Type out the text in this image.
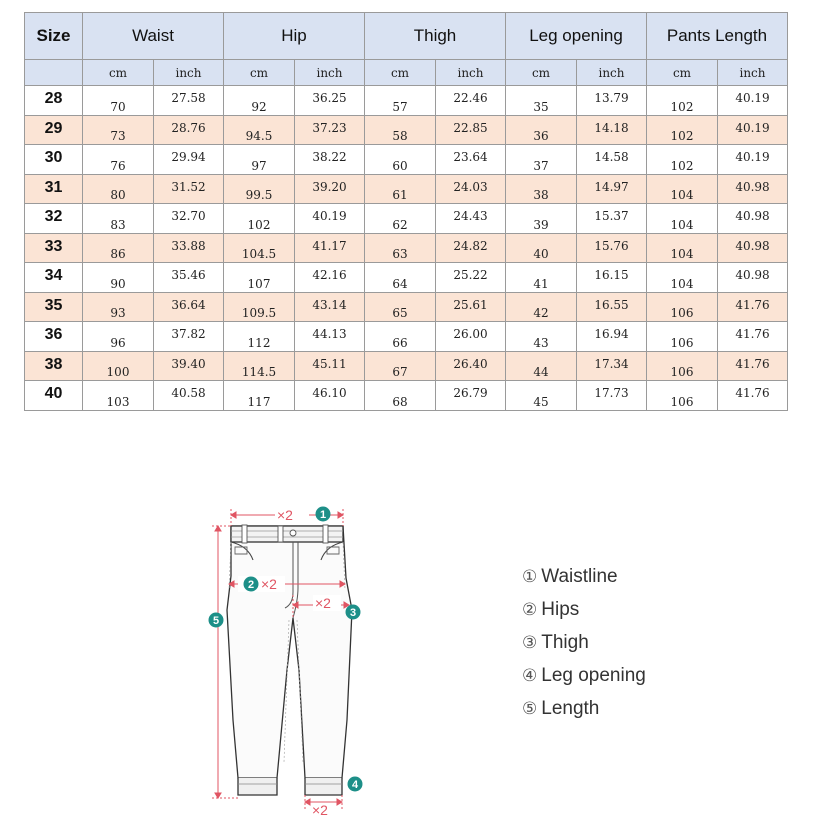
Size	Waist		Hip		Thigh		Leg opening		Pants Length	
	cm	inch	cm	inch	cm	inch	cm	inch	cm	inch
28	70	27.58	92	36.25	57	22.46	35	13.79	102	40.19
29	73	28.76	94.5	37.23	58	22.85	36	14.18	102	40.19
30	76	29.94	97	38.22	60	23.64	37	14.58	102	40.19
31	80	31.52	99.5	39.20	61	24.03	38	14.97	104	40.98
32	83	32.70	102	40.19	62	24.43	39	15.37	104	40.98
33	86	33.88	104.5	41.17	63	24.82	40	15.76	104	40.98
34	90	35.46	107	42.16	64	25.22	41	16.15	104	40.98
35	93	36.64	109.5	43.14	65	25.61	42	16.55	106	41.76
36	96	37.82	112	44.13	66	26.00	43	16.94	106	41.76
38	100	39.40	114.5	45.11	67	26.40	44	17.34	106	41.76
40	103	40.58	117	46.10	68	26.79	45	17.73	106	41.76
×2 1
2 ×2
×2
3
5
×2
4
① Waistline
② Hips
③ Thigh
④ Leg opening
⑤ Length
